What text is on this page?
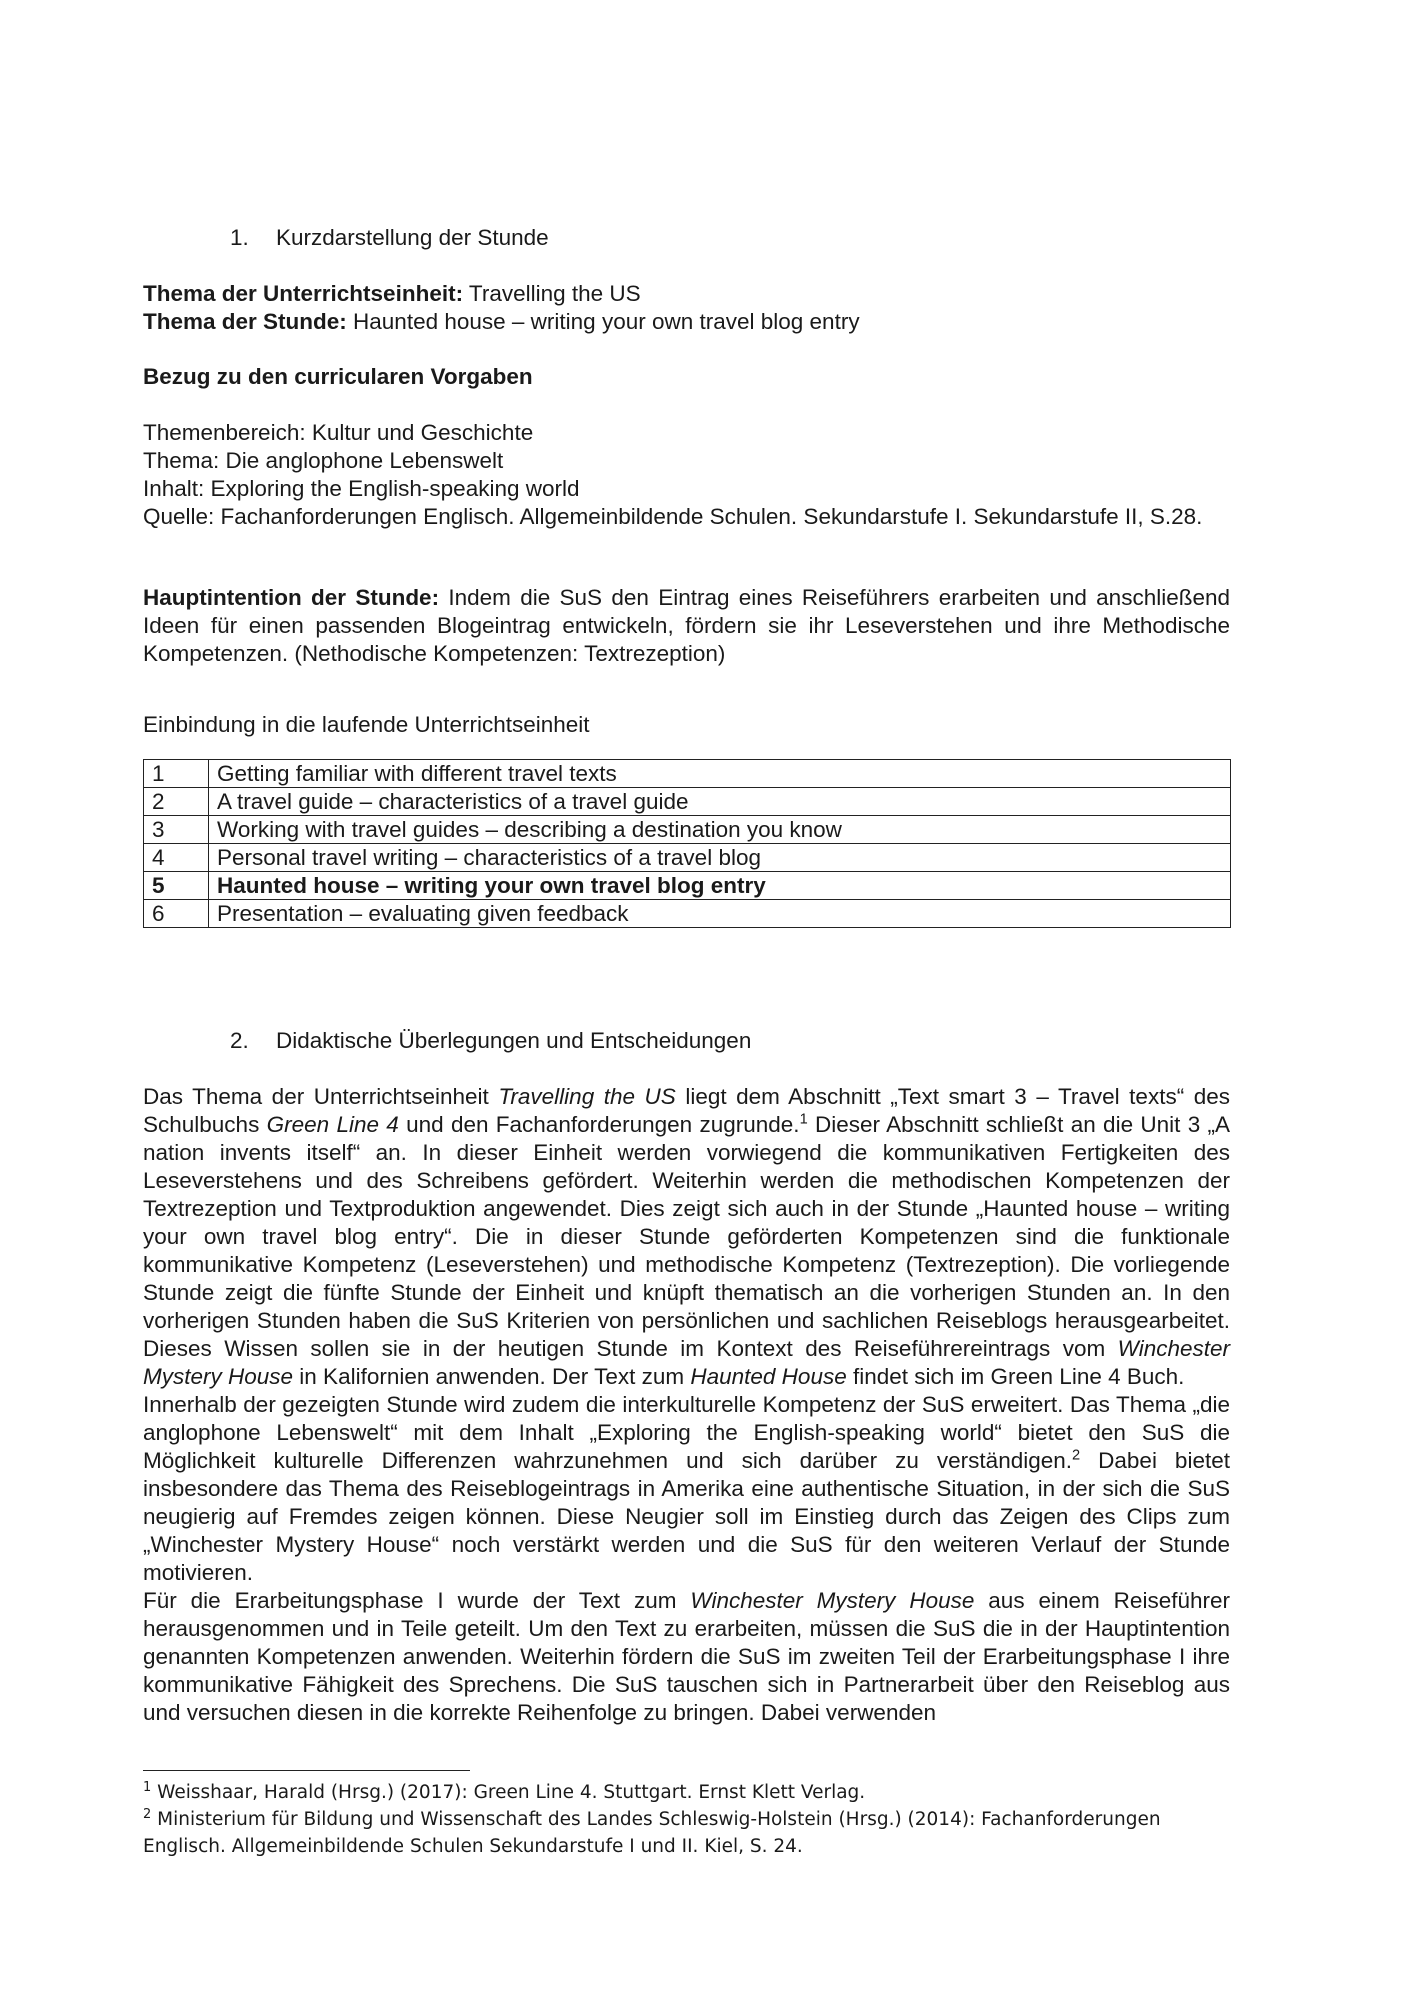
1. Kurzdarstellung der Stunde

Thema der Unterrichtseinheit: Travelling the US

Thema der Stunde: Haunted house – writing your own travel blog entry

Bezug zu den curricularen Vorgaben

Themenbereich: Kultur und Geschichte

Thema: Die anglophone Lebenswelt

Inhalt: Exploring the English-speaking world

Quelle: Fachanforderungen Englisch. Allgemeinbildende Schulen. Sekundarstufe I. Sekundarstufe II, S.28.

Hauptintention der Stunde: Indem die SuS den Eintrag eines Reiseführers erarbeiten und anschließend Ideen für einen passenden Blogeintrag entwickeln, fördern sie ihr Leseverstehen und ihre Methodische Kompetenzen. (Nethodische Kompetenzen: Textrezeption)
Einbindung in die laufende Unterrichtseinheit
1	Getting familiar with different travel texts
2	A travel guide – characteristics of a travel guide
3	Working with travel guides – describing a destination you know
4	Personal travel writing – characteristics of a travel blog
5	Haunted house – writing your own travel blog entry
6	Presentation – evaluating given feedback
2. Didaktische Überlegungen und Entscheidungen

Das Thema der Unterrichtseinheit Travelling the US liegt dem Abschnitt „Text smart 3 – Travel texts“ des Schulbuchs Green Line 4 und den Fachanforderungen zugrunde.$^1$ Dieser Abschnitt schließt an die Unit 3 „A nation invents itself“ an. In dieser Einheit werden vorwiegend die kommunikativen Fertigkeiten des Leseverstehens und des Schreibens gefördert. Weiterhin werden die methodischen Kompetenzen der Textrezeption und Textproduktion angewendet. Dies zeigt sich auch in der Stunde „Haunted house – writing your own travel blog entry“. Die in dieser Stunde geförderten Kompetenzen sind die funktionale kommunikative Kompetenz (Leseverstehen) und methodische Kompetenz (Textrezeption). Die vorliegende Stunde zeigt die fünfte Stunde der Einheit und knüpft thematisch an die vorherigen Stunden an. In den vorherigen Stunden haben die SuS Kriterien von persönlichen und sachlichen Reiseblogs herausgearbeitet. Dieses Wissen sollen sie in der heutigen Stunde im Kontext des Reiseführereintrags vom Winchester Mystery House in Kalifornien anwenden. Der Text zum Haunted House findet sich im Green Line 4 Buch.

Innerhalb der gezeigten Stunde wird zudem die interkulturelle Kompetenz der SuS erweitert. Das Thema „die anglophone Lebenswelt“ mit dem Inhalt „Exploring the English-speaking world“ bietet den SuS die Möglichkeit kulturelle Differenzen wahrzunehmen und sich darüber zu verständigen.$^2$ Dabei bietet insbesondere das Thema des Reiseblogeintrags in Amerika eine authentische Situation, in der sich die SuS neugierig auf Fremdes zeigen können. Diese Neugier soll im Einstieg durch das Zeigen des Clips zum „Winchester Mystery House“ noch verstärkt werden und die SuS für den weiteren Verlauf der Stunde motivieren.

Für die Erarbeitungsphase I wurde der Text zum Winchester Mystery House aus einem Reiseführer herausgenommen und in Teile geteilt. Um den Text zu erarbeiten, müssen die SuS die in der Hauptintention genannten Kompetenzen anwenden. Weiterhin fördern die SuS im zweiten Teil der Erarbeitungsphase I ihre kommunikative Fähigkeit des Sprechens. Die SuS tauschen sich in Partnerarbeit über den Reiseblog aus und versuchen diesen in die korrekte Reihenfolge zu bringen. Dabei verwenden

$^1$ Weisshaar, Harald (Hrsg.) (2017): Green Line 4. Stuttgart. Ernst Klett Verlag.
$^2$ Ministerium für Bildung und Wissenschaft des Landes Schleswig-Holstein (Hrsg.) (2014): Fachanforderungen Englisch. Allgemeinbildende Schulen Sekundarstufe I und II. Kiel, S. 24.
